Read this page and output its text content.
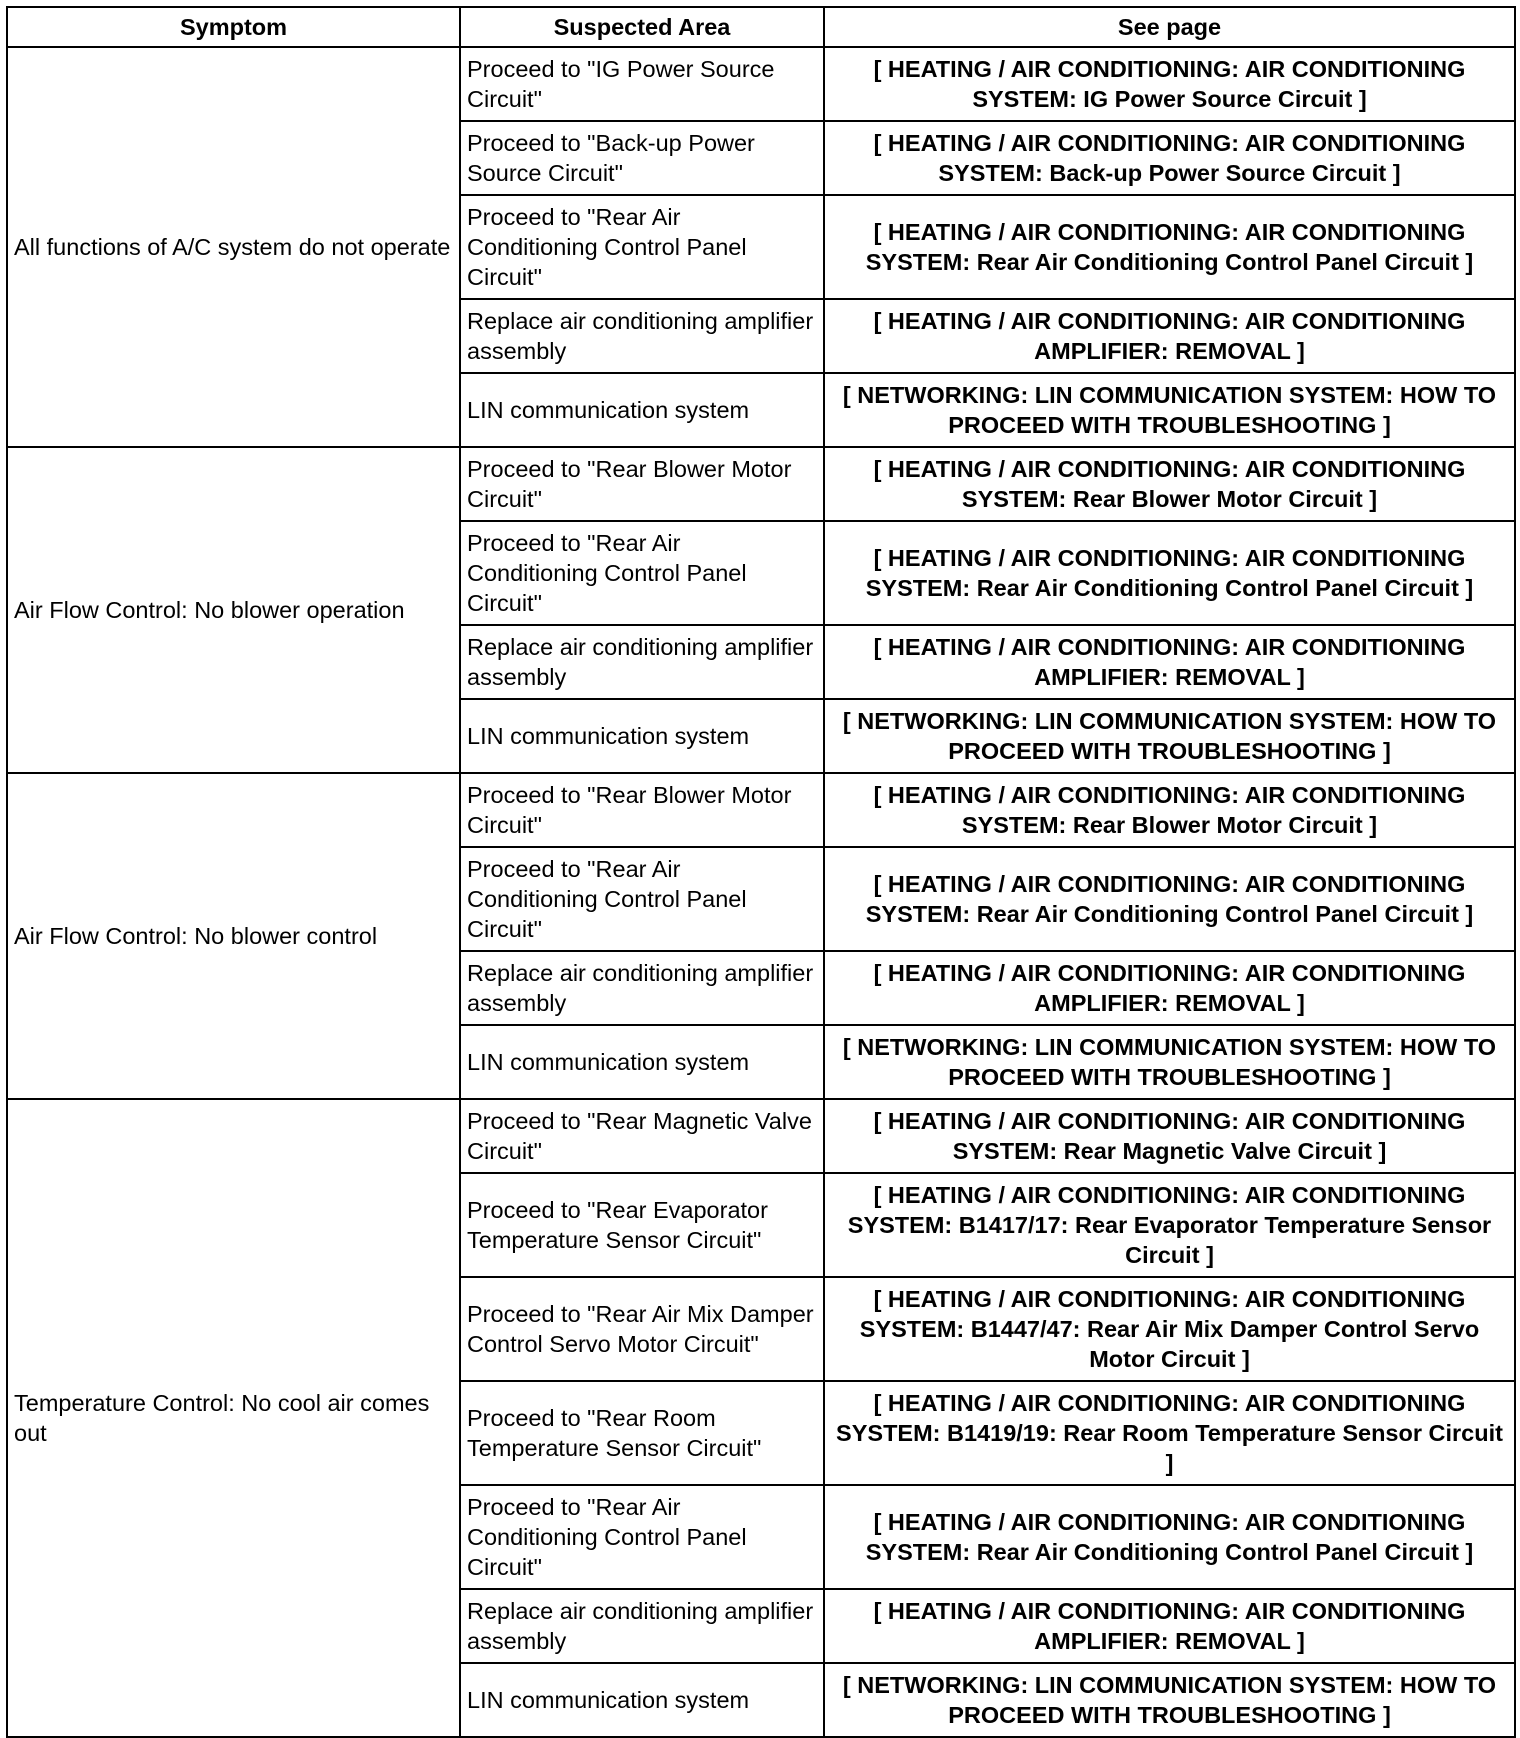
Symptom	Suspected Area	See page
All functions of A/C system do not operate	Proceed to "IG Power Source Circuit"	[ HEATING / AIR CONDITIONING: AIR CONDITIONING SYSTEM: IG Power Source Circuit ]
	Proceed to "Back-up Power Source Circuit"	[ HEATING / AIR CONDITIONING: AIR CONDITIONING SYSTEM: Back-up Power Source Circuit ]
	Proceed to "Rear Air Conditioning Control Panel Circuit"	[ HEATING / AIR CONDITIONING: AIR CONDITIONING SYSTEM: Rear Air Conditioning Control Panel Circuit ]
	Replace air conditioning amplifier assembly	[ HEATING / AIR CONDITIONING: AIR CONDITIONING AMPLIFIER: REMOVAL ]
	LIN communication system	[ NETWORKING: LIN COMMUNICATION SYSTEM: HOW TO PROCEED WITH TROUBLESHOOTING ]
Air Flow Control: No blower operation	Proceed to "Rear Blower Motor Circuit"	[ HEATING / AIR CONDITIONING: AIR CONDITIONING SYSTEM: Rear Blower Motor Circuit ]
	Proceed to "Rear Air Conditioning Control Panel Circuit"	[ HEATING / AIR CONDITIONING: AIR CONDITIONING SYSTEM: Rear Air Conditioning Control Panel Circuit ]
	Replace air conditioning amplifier assembly	[ HEATING / AIR CONDITIONING: AIR CONDITIONING AMPLIFIER: REMOVAL ]
	LIN communication system	[ NETWORKING: LIN COMMUNICATION SYSTEM: HOW TO PROCEED WITH TROUBLESHOOTING ]
Air Flow Control: No blower control	Proceed to "Rear Blower Motor Circuit"	[ HEATING / AIR CONDITIONING: AIR CONDITIONING SYSTEM: Rear Blower Motor Circuit ]
	Proceed to "Rear Air Conditioning Control Panel Circuit"	[ HEATING / AIR CONDITIONING: AIR CONDITIONING SYSTEM: Rear Air Conditioning Control Panel Circuit ]
	Replace air conditioning amplifier assembly	[ HEATING / AIR CONDITIONING: AIR CONDITIONING AMPLIFIER: REMOVAL ]
	LIN communication system	[ NETWORKING: LIN COMMUNICATION SYSTEM: HOW TO PROCEED WITH TROUBLESHOOTING ]
Temperature Control: No cool air comes out	Proceed to "Rear Magnetic Valve Circuit"	[ HEATING / AIR CONDITIONING: AIR CONDITIONING SYSTEM: Rear Magnetic Valve Circuit ]
	Proceed to "Rear Evaporator Temperature Sensor Circuit"	[ HEATING / AIR CONDITIONING: AIR CONDITIONING SYSTEM: B1417/17: Rear Evaporator Temperature Sensor Circuit ]
	Proceed to "Rear Air Mix Damper Control Servo Motor Circuit"	[ HEATING / AIR CONDITIONING: AIR CONDITIONING SYSTEM: B1447/47: Rear Air Mix Damper Control Servo Motor Circuit ]
	Proceed to "Rear Room Temperature Sensor Circuit"	[ HEATING / AIR CONDITIONING: AIR CONDITIONING SYSTEM: B1419/19: Rear Room Temperature Sensor Circuit ]
	Proceed to "Rear Air Conditioning Control Panel Circuit"	[ HEATING / AIR CONDITIONING: AIR CONDITIONING SYSTEM: Rear Air Conditioning Control Panel Circuit ]
	Replace air conditioning amplifier assembly	[ HEATING / AIR CONDITIONING: AIR CONDITIONING AMPLIFIER: REMOVAL ]
	LIN communication system	[ NETWORKING: LIN COMMUNICATION SYSTEM: HOW TO PROCEED WITH TROUBLESHOOTING ]
